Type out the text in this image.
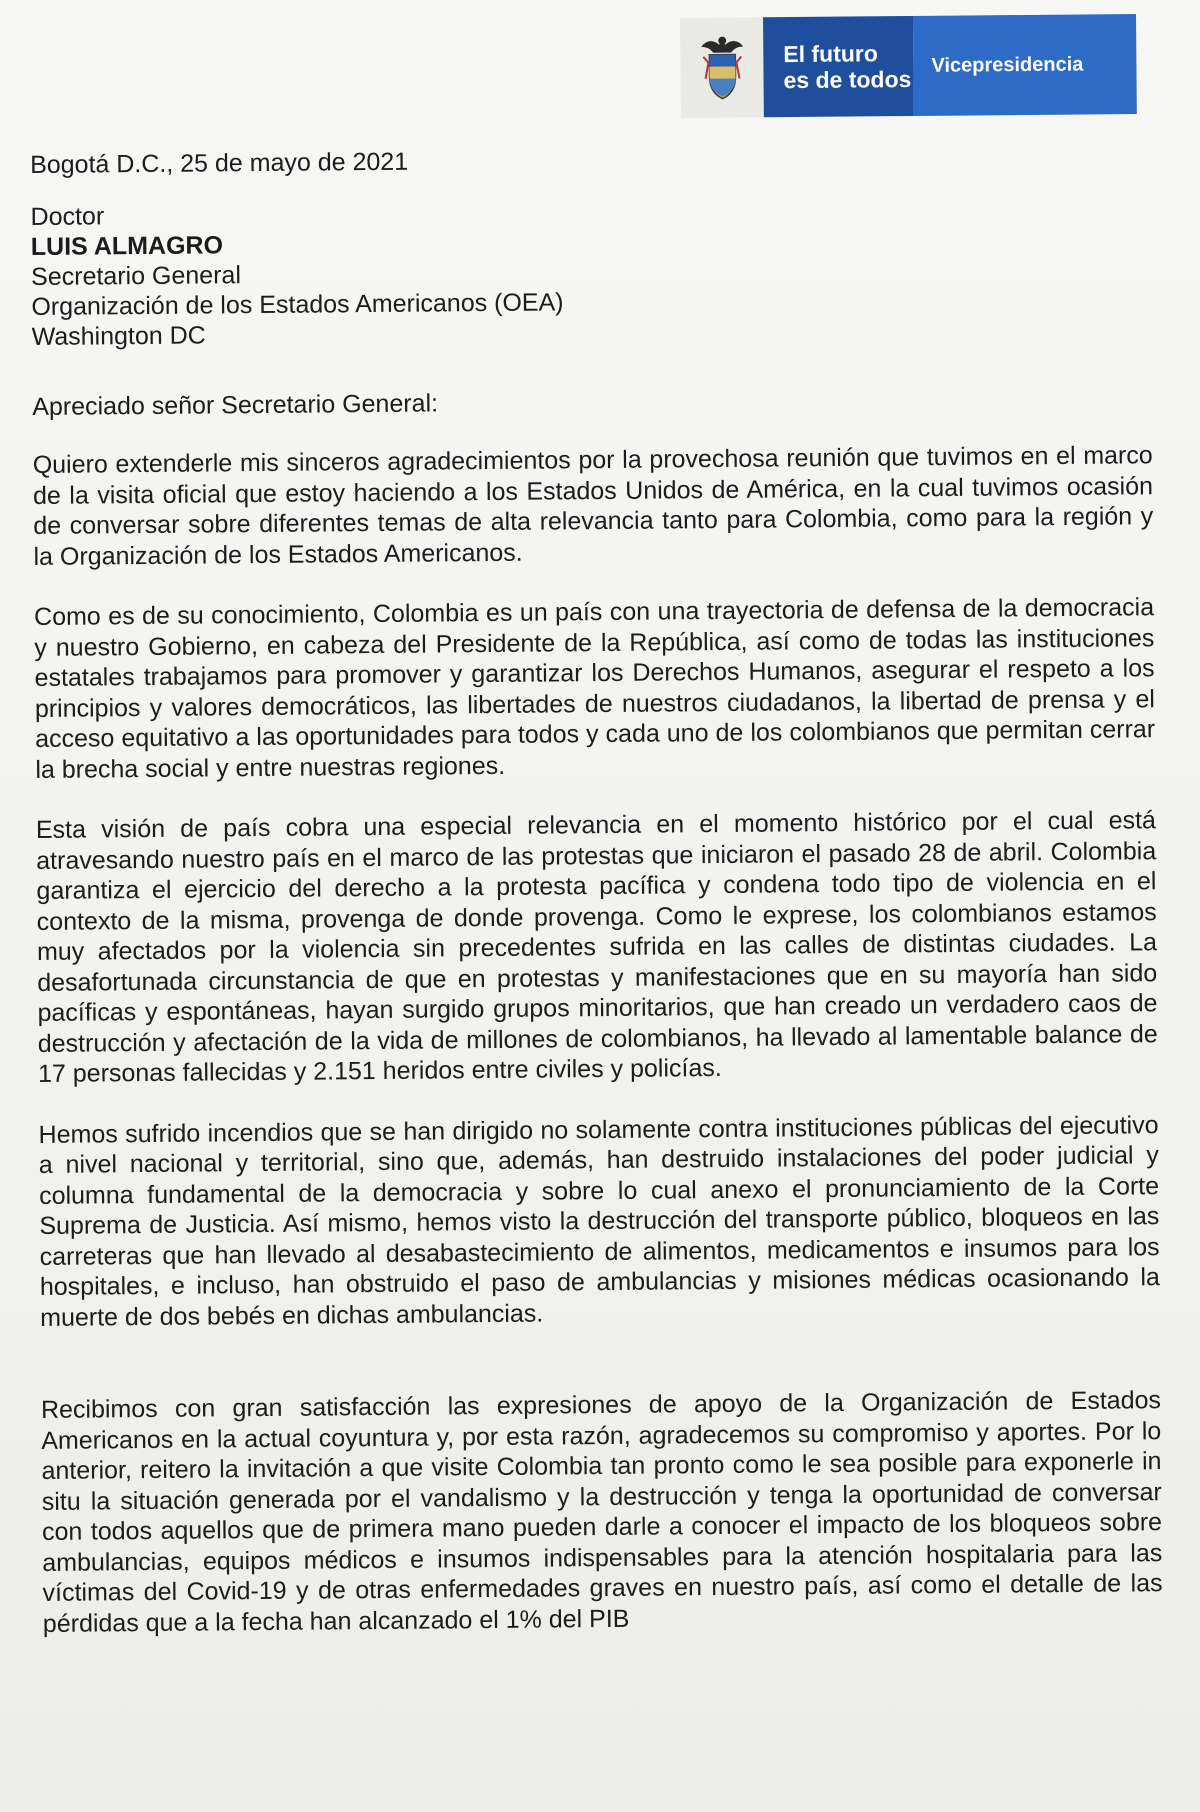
El futuro
es de todos
Vicepresidencia
Bogotá D.C., 25 de mayo de 2021
Doctor
LUIS ALMAGRO
Secretario General
Organización de los Estados Americanos (OEA)
Washington DC
Apreciado señor Secretario General:

Quiero extenderle mis sinceros agradecimientos por la provechosa reunión que tuvimos en el marco de la visita oficial que estoy haciendo a los Estados Unidos de América, en la cual tuvimos ocasión de conversar sobre diferentes temas de alta relevancia tanto para Colombia, como para la región y la Organización de los Estados Americanos.

Como es de su conocimiento, Colombia es un país con una trayectoria de defensa de la democracia y nuestro Gobierno, en cabeza del Presidente de la República, así como de todas las instituciones estatales trabajamos para promover y garantizar los Derechos Humanos, asegurar el respeto a los principios y valores democráticos, las libertades de nuestros ciudadanos, la libertad de prensa y el acceso equitativo a las oportunidades para todos y cada uno de los colombianos que permitan cerrar la brecha social y entre nuestras regiones.

Esta visión de país cobra una especial relevancia en el momento histórico por el cual está atravesando nuestro país en el marco de las protestas que iniciaron el pasado 28 de abril. Colombia garantiza el ejercicio del derecho a la protesta pacífica y condena todo tipo de violencia en el contexto de la misma, provenga de donde provenga. Como le exprese, los colombianos estamos muy afectados por la violencia sin precedentes sufrida en las calles de distintas ciudades. La desafortunada circunstancia de que en protestas y manifestaciones que en su mayoría han sido pacíficas y espontáneas, hayan surgido grupos minoritarios, que han creado un verdadero caos de destrucción y afectación de la vida de millones de colombianos, ha llevado al lamentable balance de 17 personas fallecidas y 2.151 heridos entre civiles y policías.

Hemos sufrido incendios que se han dirigido no solamente contra instituciones públicas del ejecutivo a nivel nacional y territorial, sino que, además, han destruido instalaciones del poder judicial y columna fundamental de la democracia y sobre lo cual anexo el pronunciamiento de la Corte Suprema de Justicia. Así mismo, hemos visto la destrucción del transporte público, bloqueos en las carreteras que han llevado al desabastecimiento de alimentos, medicamentos e insumos para los hospitales, e incluso, han obstruido el paso de ambulancias y misiones médicas ocasionando la muerte de dos bebés en dichas ambulancias.

Recibimos con gran satisfacción las expresiones de apoyo de la Organización de Estados Americanos en la actual coyuntura y, por esta razón, agradecemos su compromiso y aportes. Por lo anterior, reitero la invitación a que visite Colombia tan pronto como le sea posible para exponerle in situ la situación generada por el vandalismo y la destrucción y tenga la oportunidad de conversar con todos aquellos que de primera mano pueden darle a conocer el impacto de los bloqueos sobre ambulancias, equipos médicos e insumos indispensables para la atención hospitalaria para las víctimas del Covid-19 y de otras enfermedades graves en nuestro país, así como el detalle de las pérdidas que a la fecha han alcanzado el 1% del PIB
